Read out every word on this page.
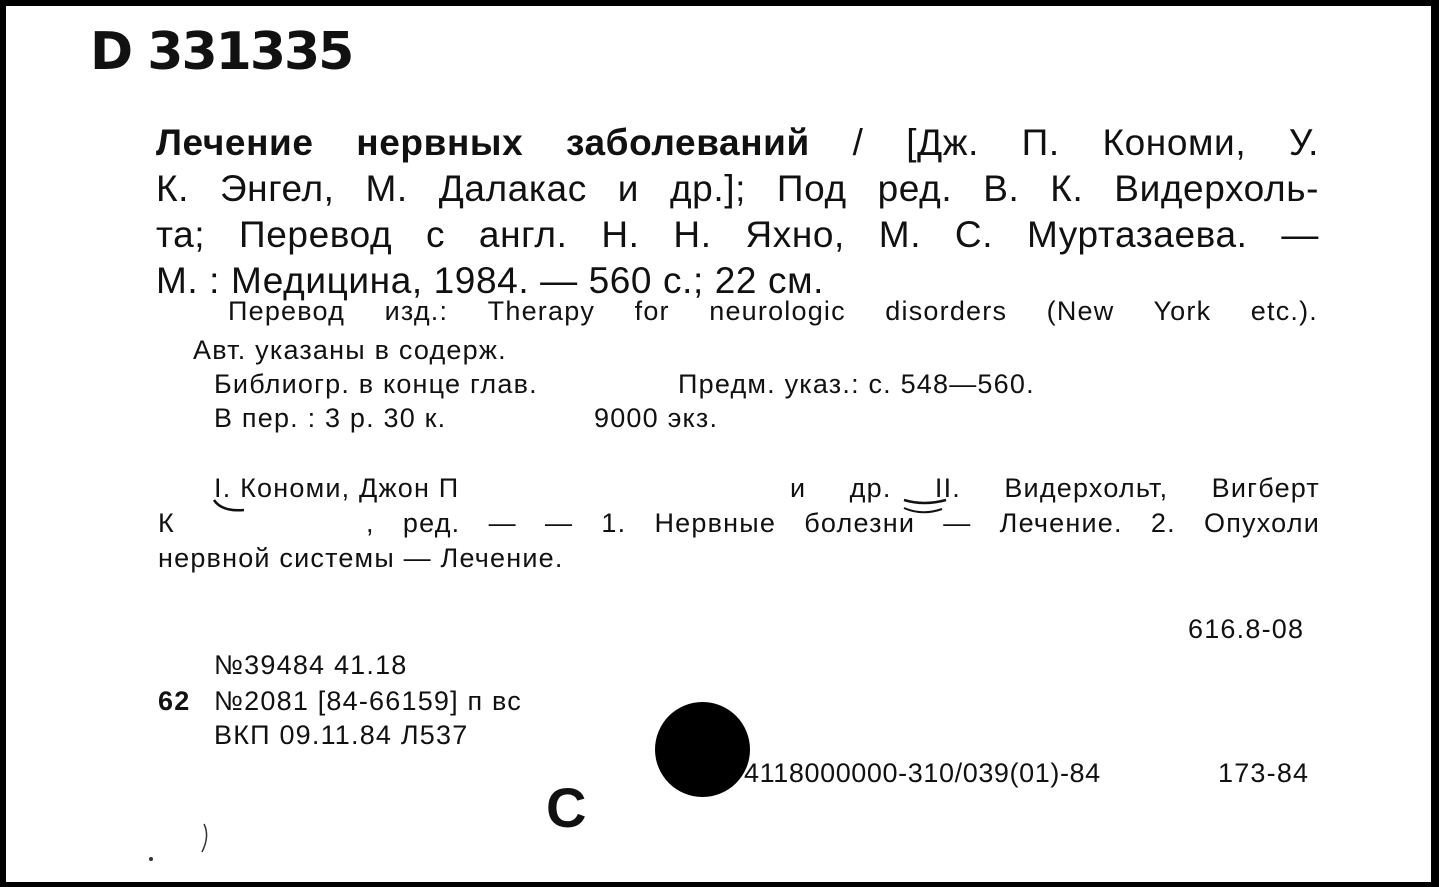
D 331335
Лечение нервных заболеваний / [Дж. П. Кономи, У.
К. Энгел, М. Далакас и др.]; Под ред. В. К. Видерхоль-
та; Перевод с англ. Н. Н. Яхно, М. С. Муртазаева. —
М. : Медицина, 1984. — 560 с.; 22 см.
Перевод изд.: Therapy for neurologic disorders (New York etc.).
Авт. указаны в содерж.
Библиогр. в конце глав.	Предм. указ.: с. 548—560.
В пер. : 3 р. 30 к.	9000 экз.
I. Кономи, Джон П	и др. II. Видерхольт, Вигберт
К	, ред. — — 1. Нервные болезни — Лечение. 2. Опухоли
нервной системы — Лечение.
616.8-08
№39484 41.18
62 №2081 [84-66159] п вс
ВКП 09.11.84 Л537
4118000000-310/039(01)-84	173-84
С
